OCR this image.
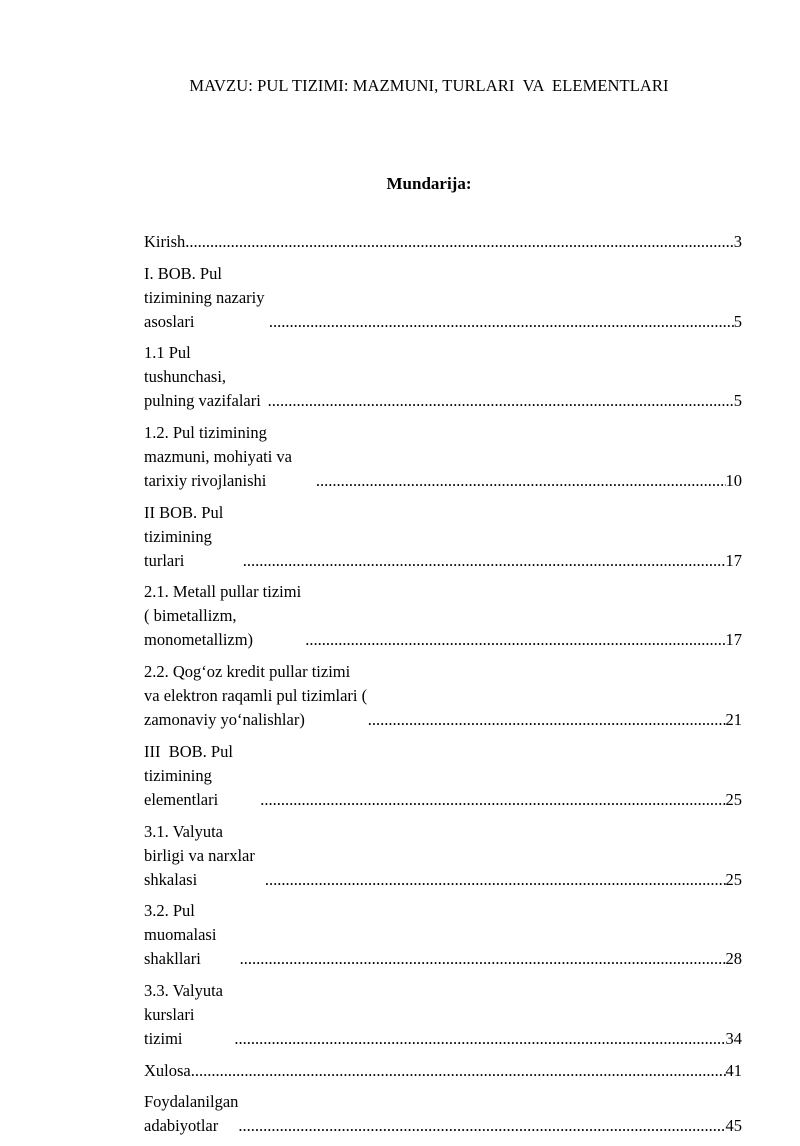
MAVZU: PUL TIZIMI: MAZMUNI, TURLARI  VA  ELEMENTLARI
Mundarija:
Kirish .....	3
I. BOB. Pul tizimining nazariy asoslari .....	5
1.1 Pul tushunchasi, pulning vazifalari .....	5
1.2. Pul tizimining mazmuni, mohiyati va tarixiy rivojlanishi .....	10
II BOB. Pul tizimining turlari .....	17
2.1. Metall pullar tizimi ( bimetallizm, monometallizm) .....	17
2.2. Qog‘oz kredit pullar tizimi va elektron raqamli pul tizimlari ( zamonaviy yo‘nalishlar) .....	21
III  BOB. Pul tizimining elementlari .....	25
3.1. Valyuta birligi va narxlar shkalasi .....	25
3.2. Pul muomalasi shakllari .....	28
3.3. Valyuta kurslari tizimi .....	34
Xulosa .....	41
Foydalanilgan adabiyotlar .....	45
